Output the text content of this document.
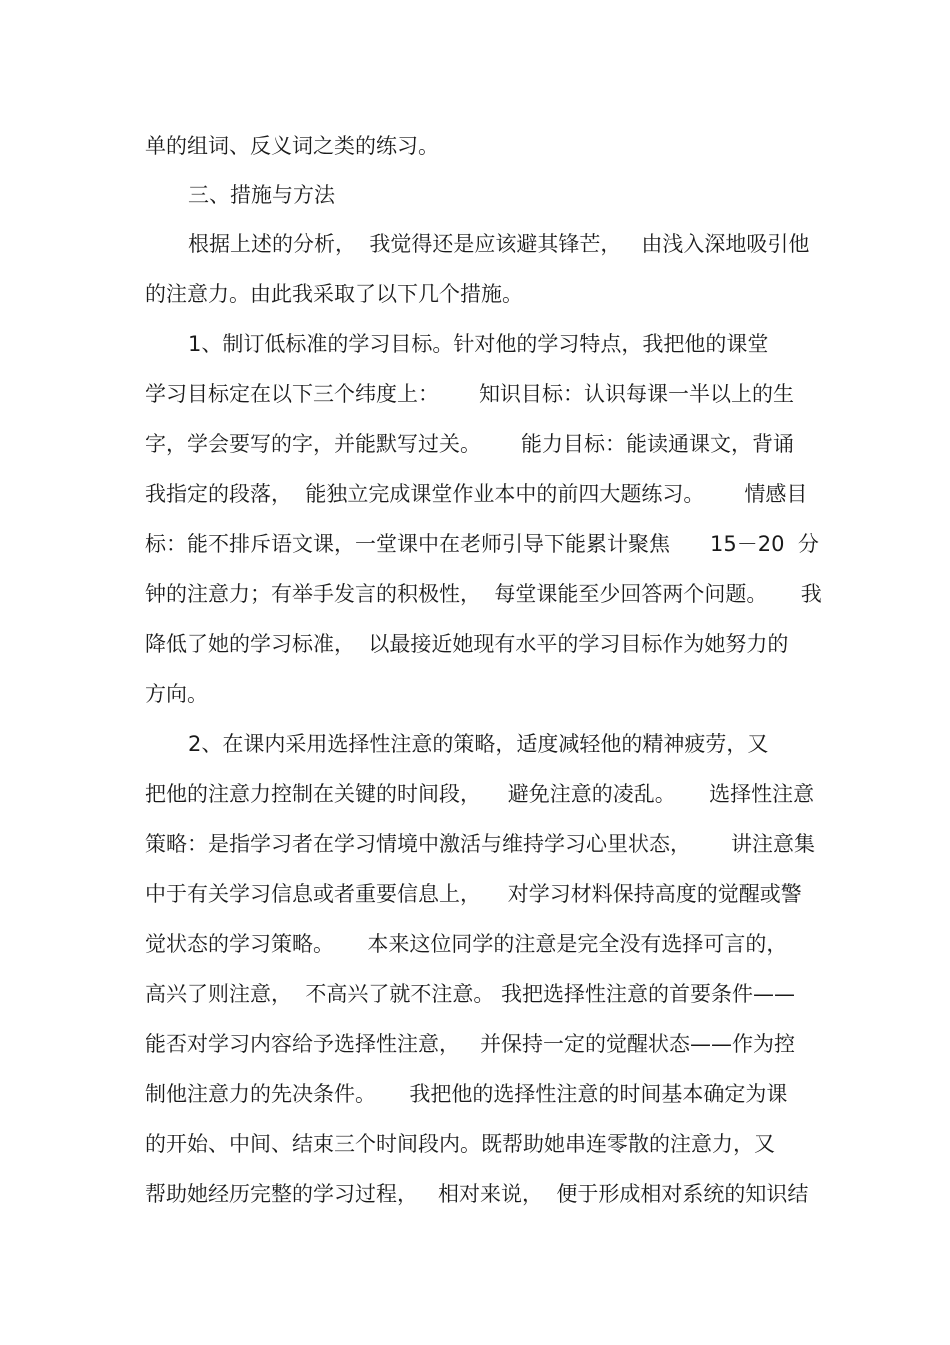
单的组词、反义词之类的练习。
三、措施与方法
根据上述的分析，  我觉得还是应该避其锋芒，   由浅入深地吸引他
的注意力。由此我采取了以下几个措施。
1、制订低标准的学习目标。针对他的学习特点，我把他的课堂
学习目标定在以下三个纬度上：      知识目标：认识每课一半以上的生
字，学会要写的字，并能默写过关。      能力目标：能读通课文，背诵
我指定的段落，  能独立完成课堂作业本中的前四大题练习。      情感目
标：能不排斥语文课，一堂课中在老师引导下能累计聚焦      15－20  分
钟的注意力；有举手发言的积极性，  每堂课能至少回答两个问题。     我
降低了她的学习标准，  以最接近她现有水平的学习目标作为她努力的
方向。
2、在课内采用选择性注意的策略，适度减轻他的精神疲劳，又
把他的注意力控制在关键的时间段，    避免注意的凌乱。     选择性注意
策略：是指学习者在学习情境中激活与维持学习心里状态，      讲注意集
中于有关学习信息或者重要信息上，    对学习材料保持高度的觉醒或警
觉状态的学习策略。     本来这位同学的注意是完全没有选择可言的，
高兴了则注意，  不高兴了就不注意。 我把选择性注意的首要条件——
能否对学习内容给予选择性注意，   并保持一定的觉醒状态——作为控
制他注意力的先决条件。     我把他的选择性注意的时间基本确定为课
的开始、中间、结束三个时间段内。既帮助她串连零散的注意力，又
帮助她经历完整的学习过程，   相对来说，  便于形成相对系统的知识结
